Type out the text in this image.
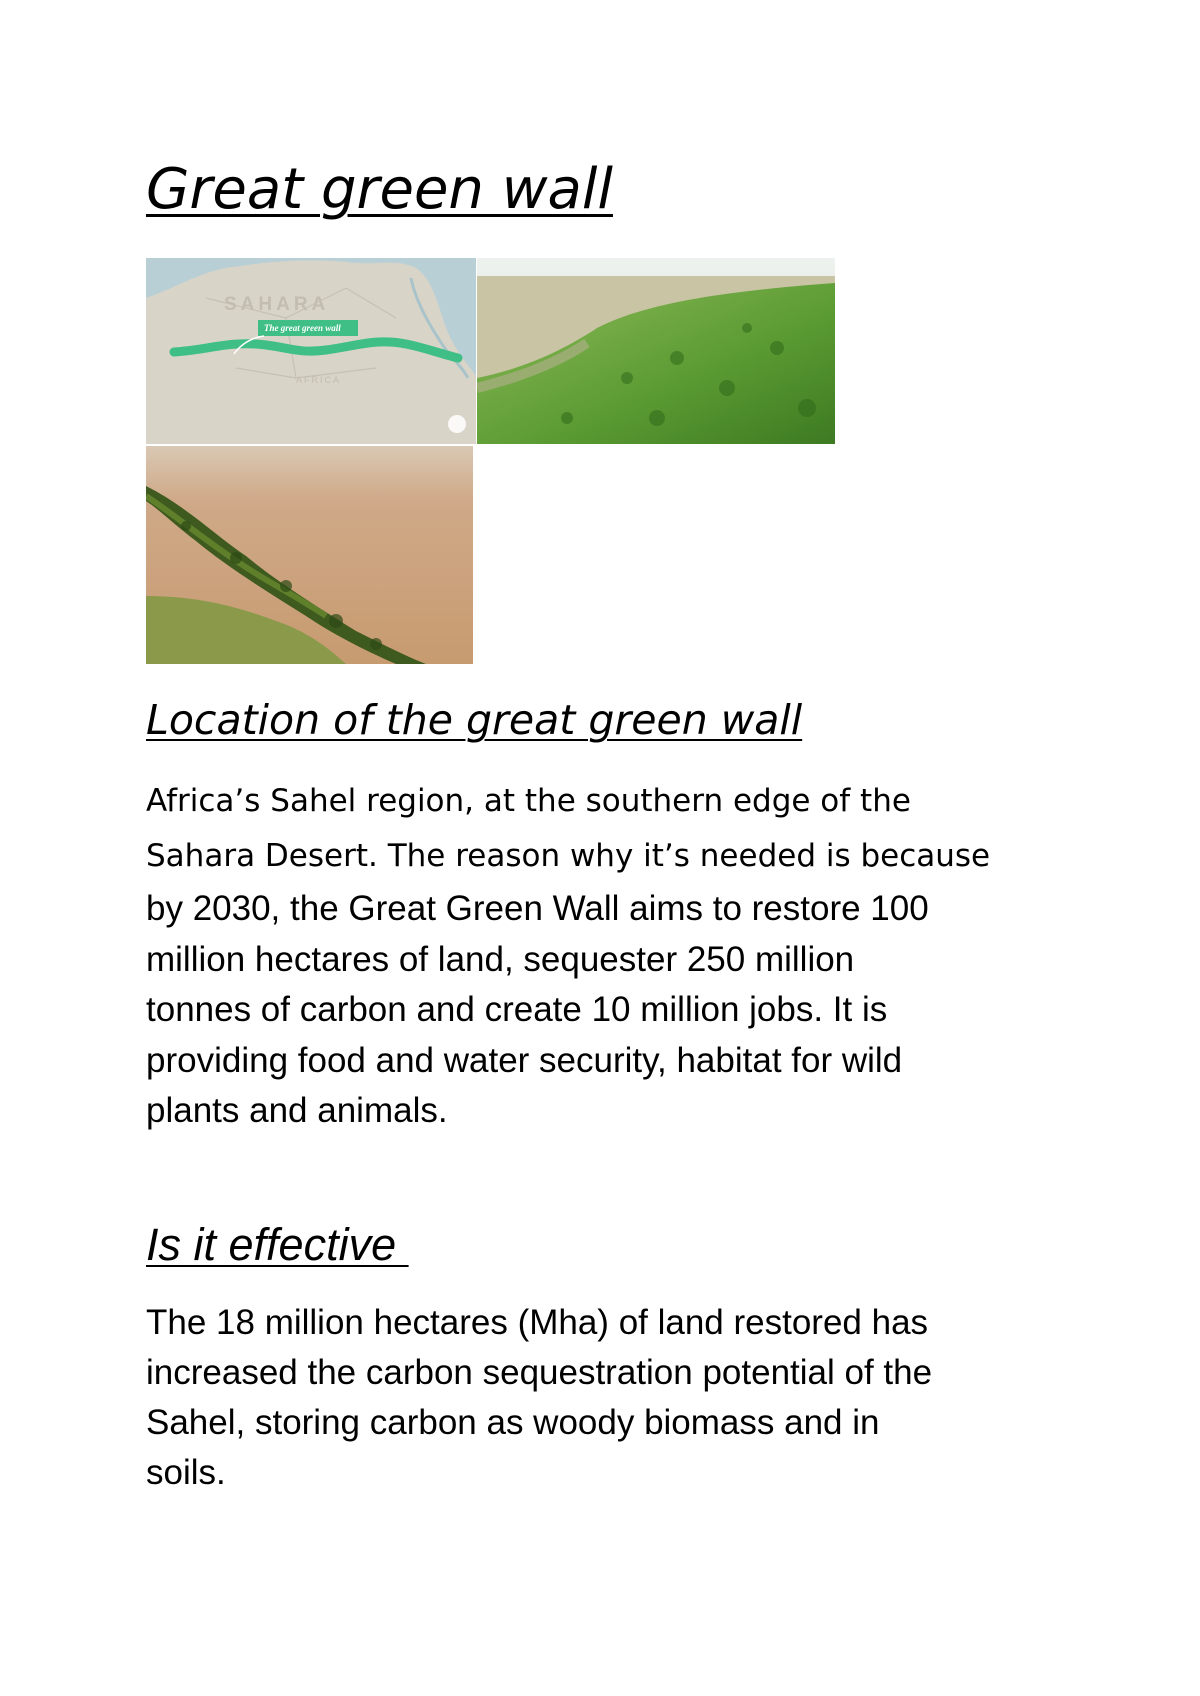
Great green wall
SAHARA
AFRICA
The great green wall
Location of the great green wall
Africa’s Sahel region, at the southern edge of the
Sahara Desert. The reason why it’s needed is because
by 2030, the Great Green Wall aims to restore 100
million hectares of land, sequester 250 million
tonnes of carbon and create 10 million jobs. It is
providing food and water security, habitat for wild
plants and animals.
Is it effective
The 18 million hectares (Mha) of land restored has
increased the carbon sequestration potential of the
Sahel, storing carbon as woody biomass and in
soils.
